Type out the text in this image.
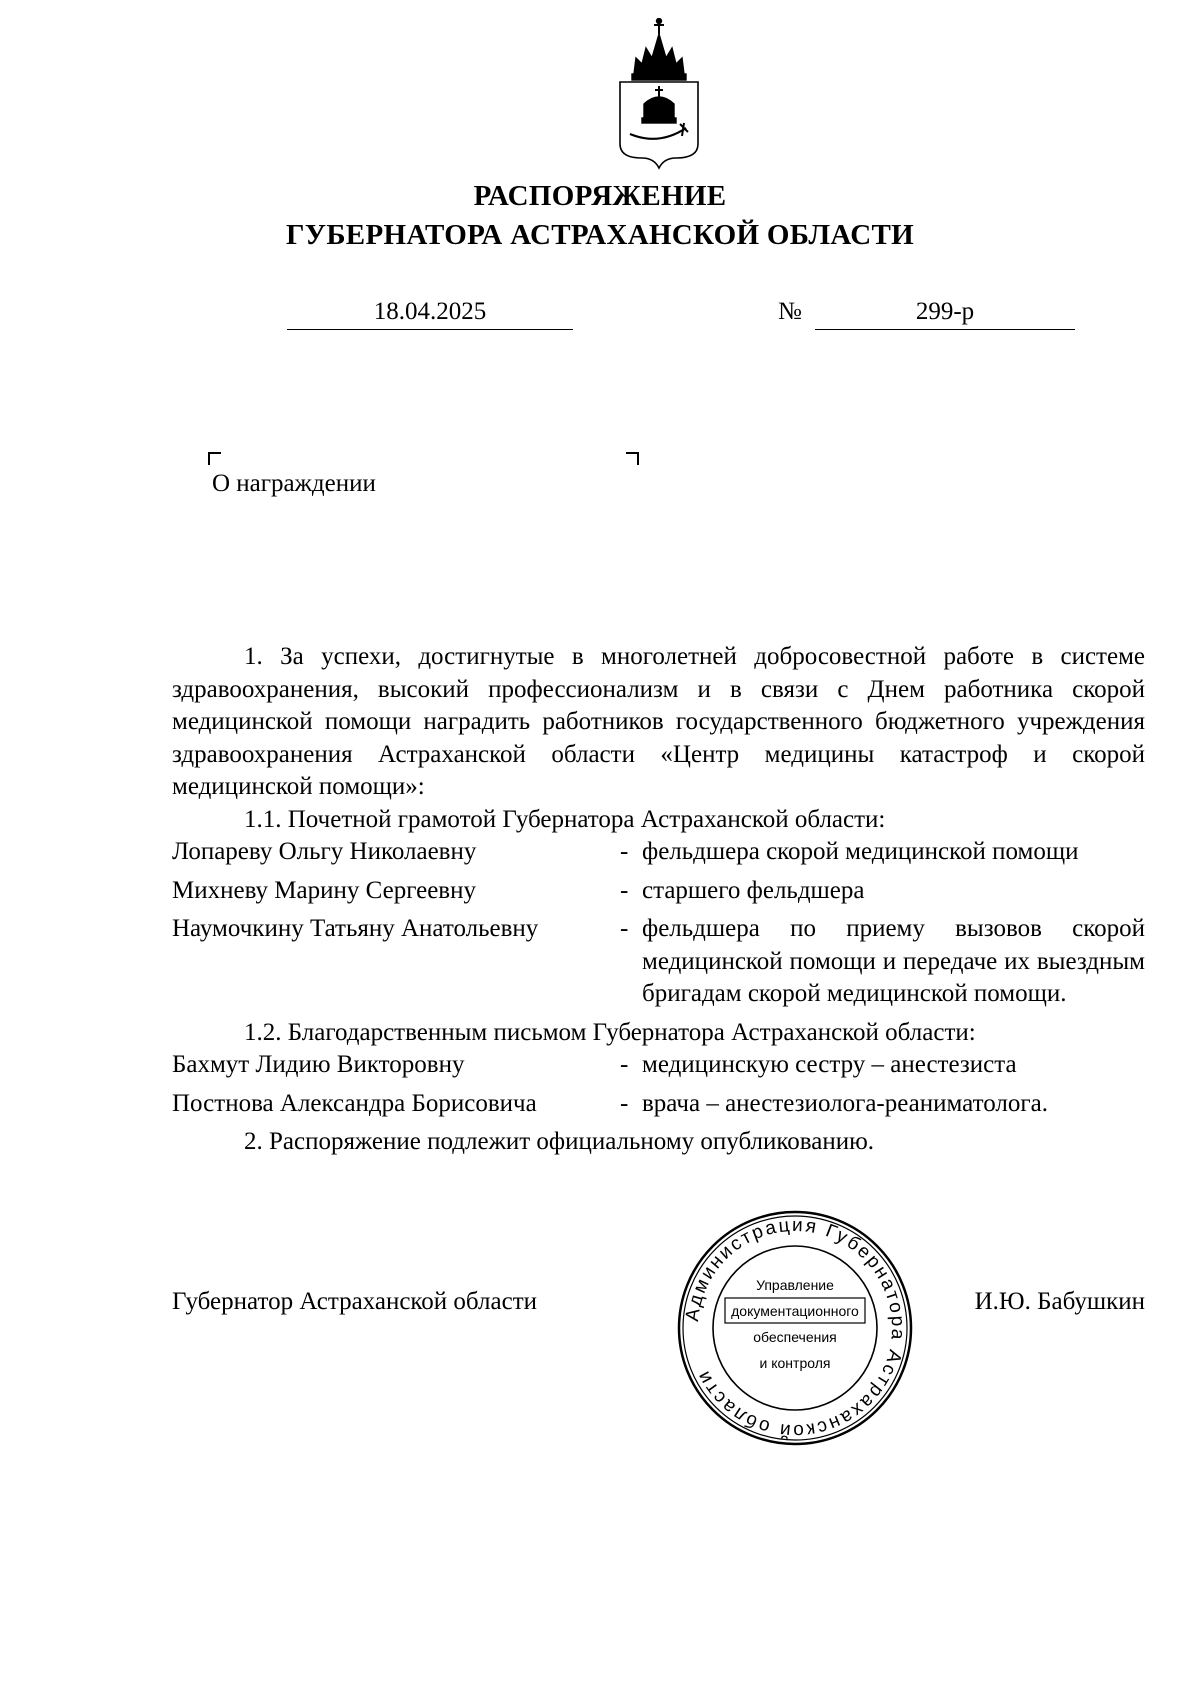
РАСПОРЯЖЕНИЕ
ГУБЕРНАТОРА АСТРАХАНСКОЙ ОБЛАСТИ
18.04.2025	№	299-р
О награждении

1. За успехи, достигнутые в многолетней добросовестной работе в системе здравоохранения, высокий профессионализм и в связи с Днем работника скорой медицинской помощи наградить работников государственного бюджетного учреждения здравоохранения Астраханской области «Центр медицины катастроф и скорой медицинской помощи»:

1.1. Почетной грамотой Губернатора Астраханской области:

Лопареву Ольгу Николаевну	- фельдшера скорой медицинской помощи
Михневу Марину Сергеевну	- старшего фельдшера
Наумочкину Татьяну Анатольевну	- фельдшера по приему вызовов скорой медицинской помощи и передаче их выездным бригадам скорой медицинской помощи.

1.2. Благодарственным письмом Губернатора Астраханской области:

Бахмут Лидию Викторовну	- медицинскую сестру – анестезиста
Постнова Александра Борисовича	- врача – анестезиолога-реаниматолога.

2. Распоряжение подлежит официальному опубликованию.

Губернатор Астраханской области	И.Ю. Бабушкин
Администрация Губернатора Астраханской области
Управление
документационного
обеспечения
и контроля
